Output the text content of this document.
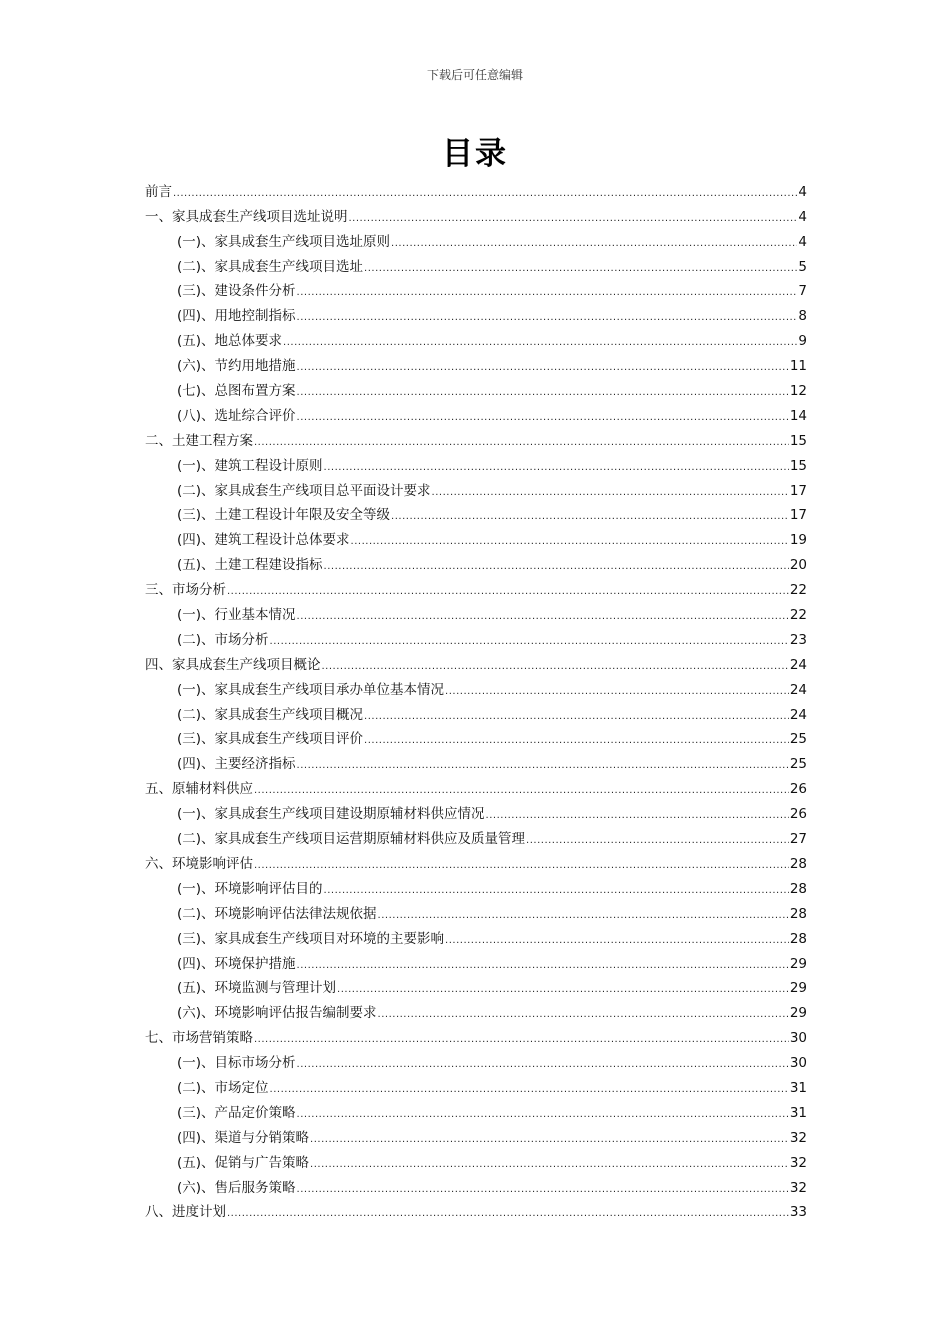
下载后可任意编辑
目录
前言 .....	4
一、家具成套生产线项目选址说明 .....	4
(一)、家具成套生产线项目选址原则 .....	4
(二)、家具成套生产线项目选址 .....	5
(三)、建设条件分析 .....	7
(四)、用地控制指标 .....	8
(五)、地总体要求 .....	9
(六)、节约用地措施 .....	11
(七)、总图布置方案 .....	12
(八)、选址综合评价 .....	14
二、土建工程方案 .....	15
(一)、建筑工程设计原则 .....	15
(二)、家具成套生产线项目总平面设计要求 .....	17
(三)、土建工程设计年限及安全等级 .....	17
(四)、建筑工程设计总体要求 .....	19
(五)、土建工程建设指标 .....	20
三、市场分析 .....	22
(一)、行业基本情况 .....	22
(二)、市场分析 .....	23
四、家具成套生产线项目概论 .....	24
(一)、家具成套生产线项目承办单位基本情况 .....	24
(二)、家具成套生产线项目概况 .....	24
(三)、家具成套生产线项目评价 .....	25
(四)、主要经济指标 .....	25
五、原辅材料供应 .....	26
(一)、家具成套生产线项目建设期原辅材料供应情况 .....	26
(二)、家具成套生产线项目运营期原辅材料供应及质量管理 .....	27
六、环境影响评估 .....	28
(一)、环境影响评估目的 .....	28
(二)、环境影响评估法律法规依据 .....	28
(三)、家具成套生产线项目对环境的主要影响 .....	28
(四)、环境保护措施 .....	29
(五)、环境监测与管理计划 .....	29
(六)、环境影响评估报告编制要求 .....	29
七、市场营销策略 .....	30
(一)、目标市场分析 .....	30
(二)、市场定位 .....	31
(三)、产品定价策略 .....	31
(四)、渠道与分销策略 .....	32
(五)、促销与广告策略 .....	32
(六)、售后服务策略 .....	32
八、进度计划 .....	33
